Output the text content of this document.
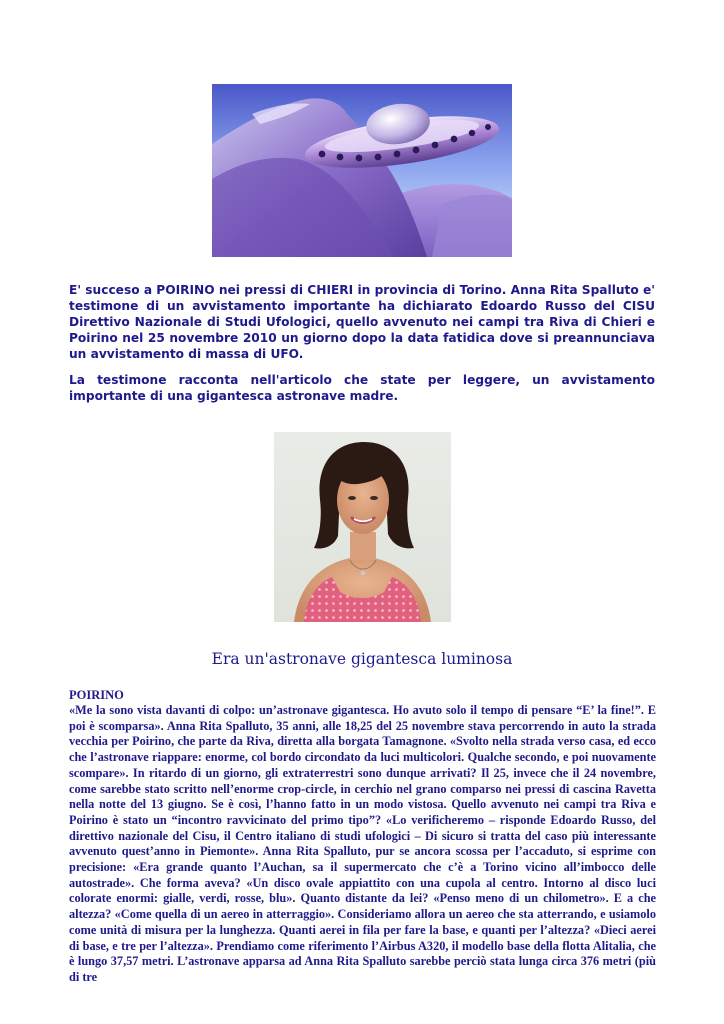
E' succeso a POIRINO nei pressi di CHIERI in provincia di Torino. Anna Rita Spalluto e' testimone di un avvistamento importante ha dichiarato Edoardo Russo del CISU Direttivo Nazionale di Studi Ufologici, quello avvenuto nei campi tra Riva di Chieri e Poirino nel 25 novembre 2010 un giorno dopo la data fatidica dove si preannunciava un avvistamento di massa di UFO.

La testimone racconta nell'articolo che state per leggere, un avvistamento importante di una gigantesca astronave madre.

Era un'astronave gigantesca luminosa

POIRINO

«Me la sono vista davanti di colpo: un’astronave gigantesca. Ho avuto solo il tempo di pensare “E’ la fine!”. E poi è scomparsa». Anna Rita Spalluto, 35 anni, alle 18,25 del 25 novembre stava percorrendo in auto la strada vecchia per Poirino, che parte da Riva, diretta alla borgata Tamagnone. «Svolto nella strada verso casa, ed ecco che l’astronave riappare: enorme, col bordo circondato da luci multicolori. Qualche secondo, e poi nuovamente scompare». In ritardo di un giorno, gli extraterrestri sono dunque arrivati? Il 25, invece che il 24 novembre, come sarebbe stato scritto nell’enorme crop-circle, in cerchio nel grano comparso nei pressi di cascina Ravetta nella notte del 13 giugno. Se è così, l’hanno fatto in un modo vistosa. Quello avvenuto nei campi tra Riva e Poirino è stato un “incontro ravvicinato del primo tipo”? «Lo verificheremo – risponde Edoardo Russo, del direttivo nazionale del Cisu, il Centro italiano di studi ufologici – Di sicuro si tratta del caso più interessante avvenuto quest’anno in Piemonte». Anna Rita Spalluto, pur se ancora scossa per l’accaduto, si esprime con precisione: «Era grande quanto l’Auchan, sa il supermercato che c’è a Torino vicino all’imbocco delle autostrade». Che forma aveva? «Un disco ovale appiattito con una cupola al centro. Intorno al disco luci colorate enormi: gialle, verdi, rosse, blu». Quanto distante da lei? «Penso meno di un chilometro». E a che altezza? «Come quella di un aereo in atterraggio». Consideriamo allora un aereo che sta atterrando, e usiamolo come unità di misura per la lunghezza. Quanti aerei in fila per fare la base, e quanti per l’altezza? «Dieci aerei di base, e tre per l’altezza». Prendiamo come riferimento l’Airbus A320, il modello base della flotta Alitalia, che è lungo 37,57 metri. L’astronave apparsa ad Anna Rita Spalluto sarebbe perciò stata lunga circa 376 metri (più di tre
